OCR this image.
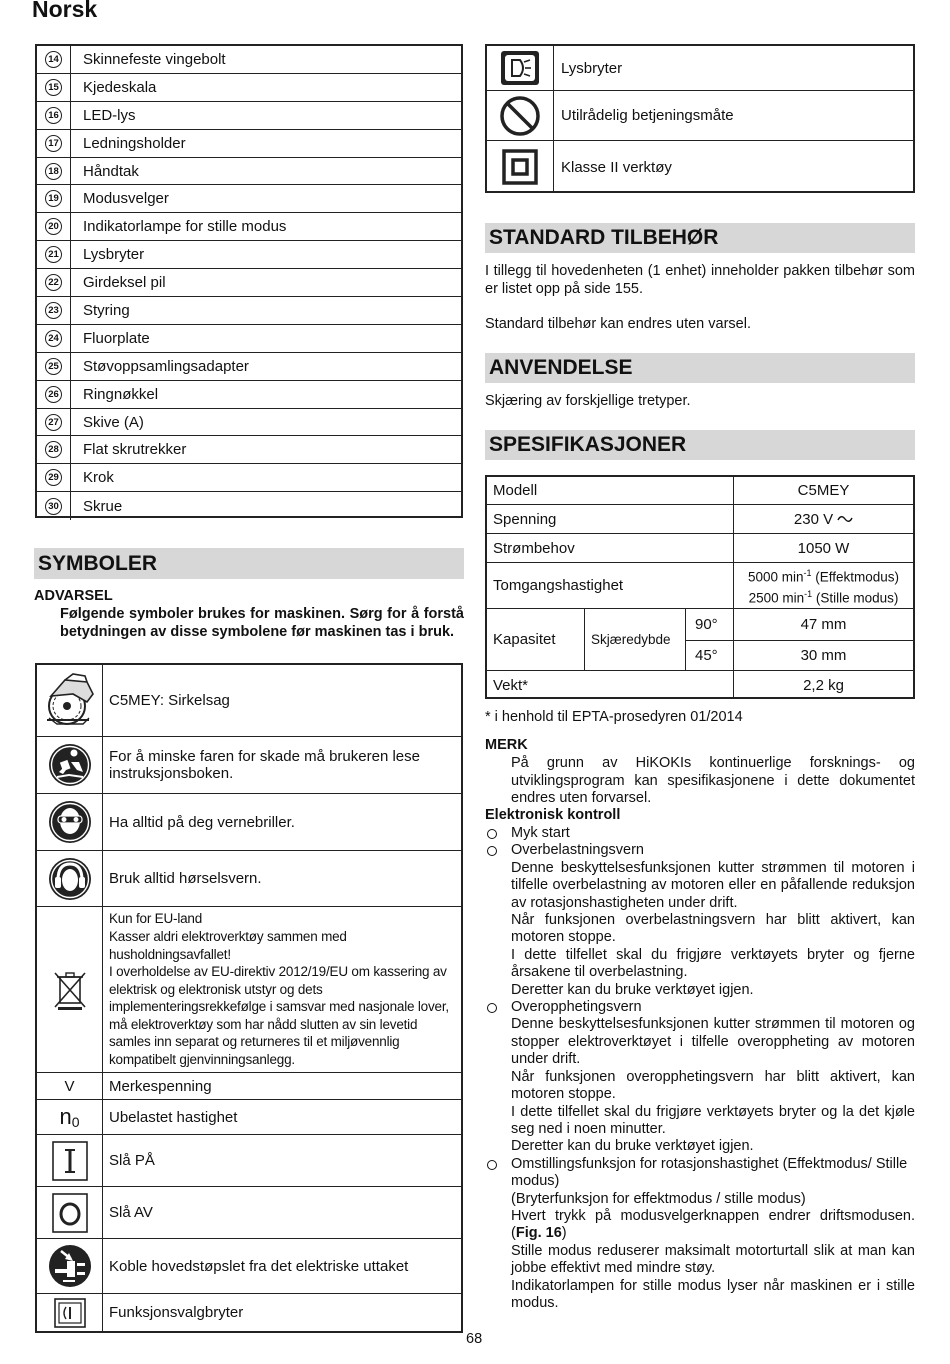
Norsk
14	Skinnefeste vingebolt
15	Kjedeskala
16	LED-lys
17	Ledningsholder
18	Håndtak
19	Modusvelger
20	Indikatorlampe for stille modus
21	Lysbryter
22	Girdeksel pil
23	Styring
24	Fluorplate
25	Støvoppsamlingsadapter
26	Ringnøkkel
27	Skive (A)
28	Flat skrutrekker
29	Krok
30	Skrue
SYMBOLER
ADVARSEL
Følgende symboler brukes for maskinen. Sørg for å forstå betydningen av disse symbolene før maskinen tas i bruk.
C5MEY: Sirkelsag
For å minske faren for skade må brukeren lese instruksjonsboken.
Ha alltid på deg vernebriller.
Bruk alltid hørselsvern.
Kun for EU-land
Kasser aldri elektroverktøy sammen med husholdningsavfallet!
I overholdelse av EU-direktiv 2012/19/EU om kassering av elektrisk og elektronisk utstyr og dets implementeringsrekkefølge i samsvar med nasjonale lover, må elektroverktøy som har nådd slutten av sin levetid samles inn separat og returneres til et miljøvennlig kompatibelt gjenvinningsanlegg.
V	Merkespenning
n 0 Ubelastet hastighet
Slå PÅ
Slå AV
Koble hovedstøpslet fra det elektriske uttaket
Funksjonsvalgbryter
Lysbryter
Utilrådelig betjeningsmåte
Klasse II verktøy
STANDARD TILBEHØR
I tillegg til hovedenheten (1 enhet) inneholder pakken tilbehør som er listet opp på side 155.
Standard tilbehør kan endres uten varsel.
ANVENDELSE
Skjæring av forskjellige tretyper.
SPESIFIKASJONER
Modell	C5MEY
Spenning	230 V
Strømbehov	1050 W
Tomgangshastighet	5000 $\min^{-1}$ (Effektmodus)
2500 $\min^{-1}$ (Stille modus)
Kapasitet	Skjæredybde
90°	47 mm
45°	30 mm
Vekt*	2,2 kg
* i henhold til EPTA-prosedyren 01/2014
MERK
På grunn av HiKOKIs kontinuerlige forsknings- og utviklingsprogram kan spesifikasjonene i dette dokumentet endres uten forvarsel.
Elektronisk kontroll
Myk start
Overbelastningsvern
Denne beskyttelsesfunksjonen kutter strømmen til motoren i tilfelle overbelastning av motoren eller en påfallende reduksjon av rotasjonshastigheten under drift.
Når funksjonen overbelastningsvern har blitt aktivert, kan motoren stoppe.
I dette tilfellet skal du frigjøre verktøyets bryter og fjerne årsakene til overbelastning.
Deretter kan du bruke verktøyet igjen.
Overopphetingsvern
Denne beskyttelsesfunksjonen kutter strømmen til motoren og stopper elektroverktøyet i tilfelle overoppheting av motoren under drift.
Når funksjonen overopphetingsvern har blitt aktivert, kan motoren stoppe.
I dette tilfellet skal du frigjøre verktøyets bryter og la det kjøle seg ned i noen minutter.
Deretter kan du bruke verktøyet igjen.
Omstillingsfunksjon for rotasjonshastighet (Effektmodus/ Stille modus)
(Bryterfunksjon for effektmodus / stille modus)
Hvert trykk på modusvelgerknappen endrer driftsmodusen. (Fig. 16)
Stille modus reduserer maksimalt motorturtall slik at man kan jobbe effektivt med mindre støy.
Indikatorlampen for stille modus lyser når maskinen er i stille modus.
68
